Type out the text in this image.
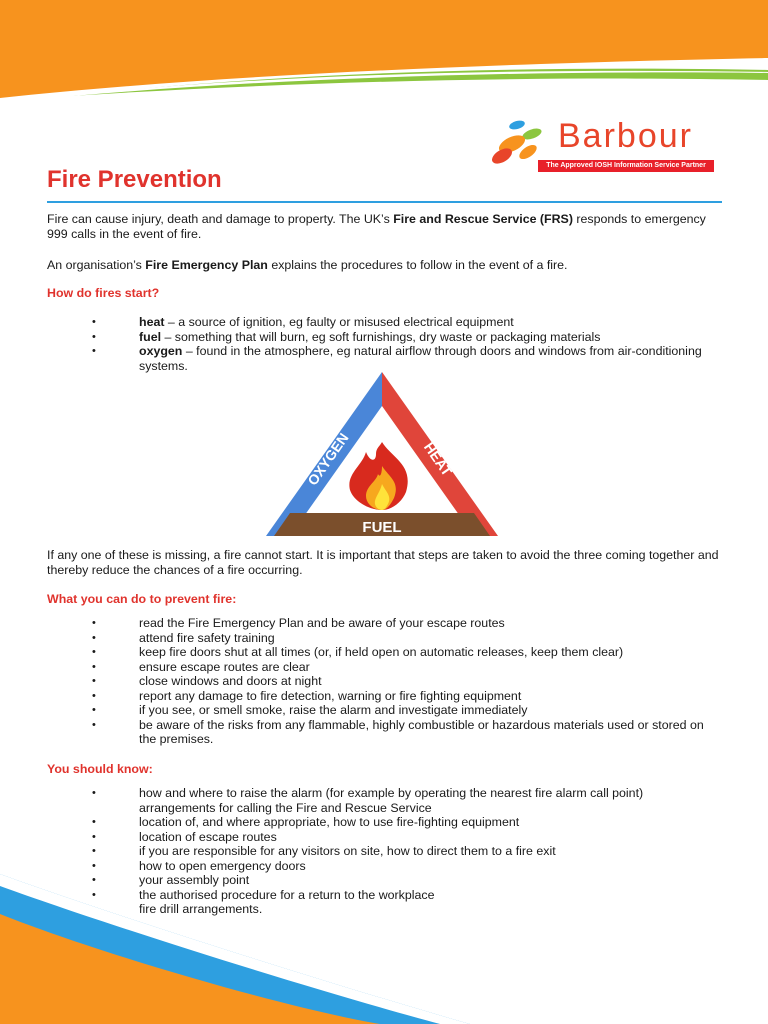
Barbour
The Approved IOSH Information Service Partner
Fire Prevention

Fire can cause injury, death and damage to property. The UK’s Fire and Rescue Service (FRS) responds to emergency 999 calls in the event of fire.

An organisation’s Fire Emergency Plan explains the procedures to follow in the event of a fire.

How do fires start?
• heat – a source of ignition, eg faulty or misused electrical equipment
• fuel – something that will burn, eg soft furnishings, dry waste or packaging materials
• oxygen – found in the atmosphere, eg natural airflow through doors and windows from air-conditioning systems.
OXYGEN	HEAT
FUEL

If any one of these is missing, a fire cannot start. It is important that steps are taken to avoid the three coming together and thereby reduce the chances of a fire occurring.

What you can do to prevent fire:
• read the Fire Emergency Plan and be aware of your escape routes
• attend fire safety training
• keep fire doors shut at all times (or, if held open on automatic releases, keep them clear)
• ensure escape routes are clear
• close windows and doors at night
• report any damage to fire detection, warning or fire fighting equipment
• if you see, or smell smoke, raise the alarm and investigate immediately
• be aware of the risks from any flammable, highly combustible or hazardous materials used or stored on the premises.
You should know:
• how and where to raise the alarm (for example by operating the nearest fire alarm call point) arrangements for calling the Fire and Rescue Service
• location of, and where appropriate, how to use fire-fighting equipment
• location of escape routes
• if you are responsible for any visitors on site, how to direct them to a fire exit
• how to open emergency doors
• your assembly point
• the authorised procedure for a return to the workplace
• fire drill arrangements.
